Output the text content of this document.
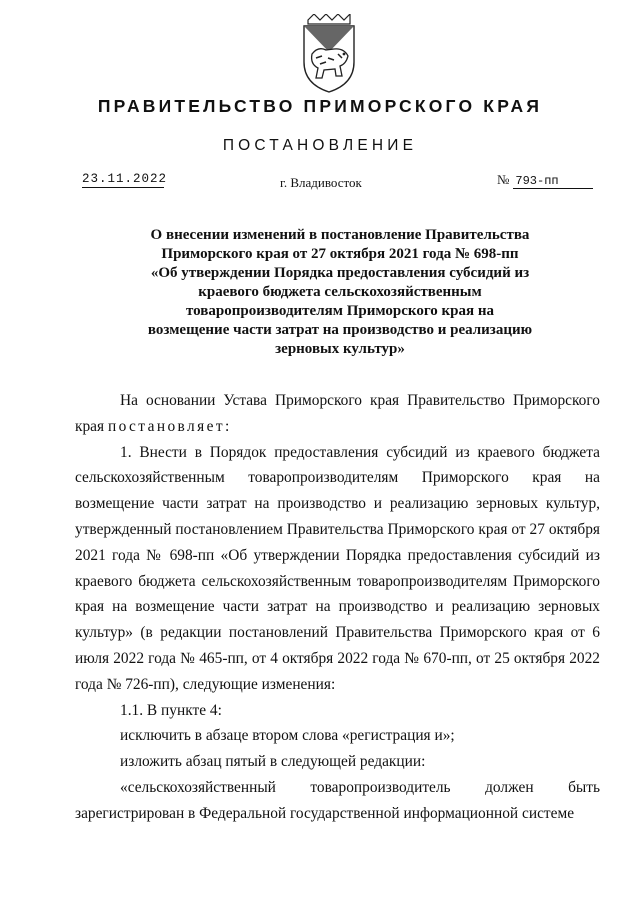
ПРАВИТЕЛЬСТВО ПРИМОРСКОГО КРАЯ
ПОСТАНОВЛЕНИЕ
23.11.2022	г. Владивосток	№ 793-пп
О внесении изменений в постановление Правительства
Приморского края от 27 октября 2021 года № 698-пп
«Об утверждении Порядка предоставления субсидий из
краевого бюджета сельскохозяйственным
товаропроизводителям Приморского края на
возмещение части затрат на производство и реализацию
зерновых культур»

На основании Устава Приморского края Правительство Приморского края постановляет:

1. Внести в Порядок предоставления субсидий из краевого бюджета сельскохозяйственным товаропроизводителям Приморского края на возмещение части затрат на производство и реализацию зерновых культур, утвержденный постановлением Правительства Приморского края от 27 октября 2021 года № 698-пп «Об утверждении Порядка предоставления субсидий из краевого бюджета сельскохозяйственным товаропроизводителям Приморского края на возмещение части затрат на производство и реализацию зерновых культур» (в редакции постановлений Правительства Приморского края от 6 июля 2022 года № 465-пп, от 4 октября 2022 года № 670-пп, от 25 октября 2022 года № 726-пп), следующие изменения:

1.1. В пункте 4:

исключить в абзаце втором слова «регистрация и»;

изложить абзац пятый в следующей редакции:

«сельскохозяйственный товаропроизводитель должен быть зарегистрирован в Федеральной государственной информационной системе
